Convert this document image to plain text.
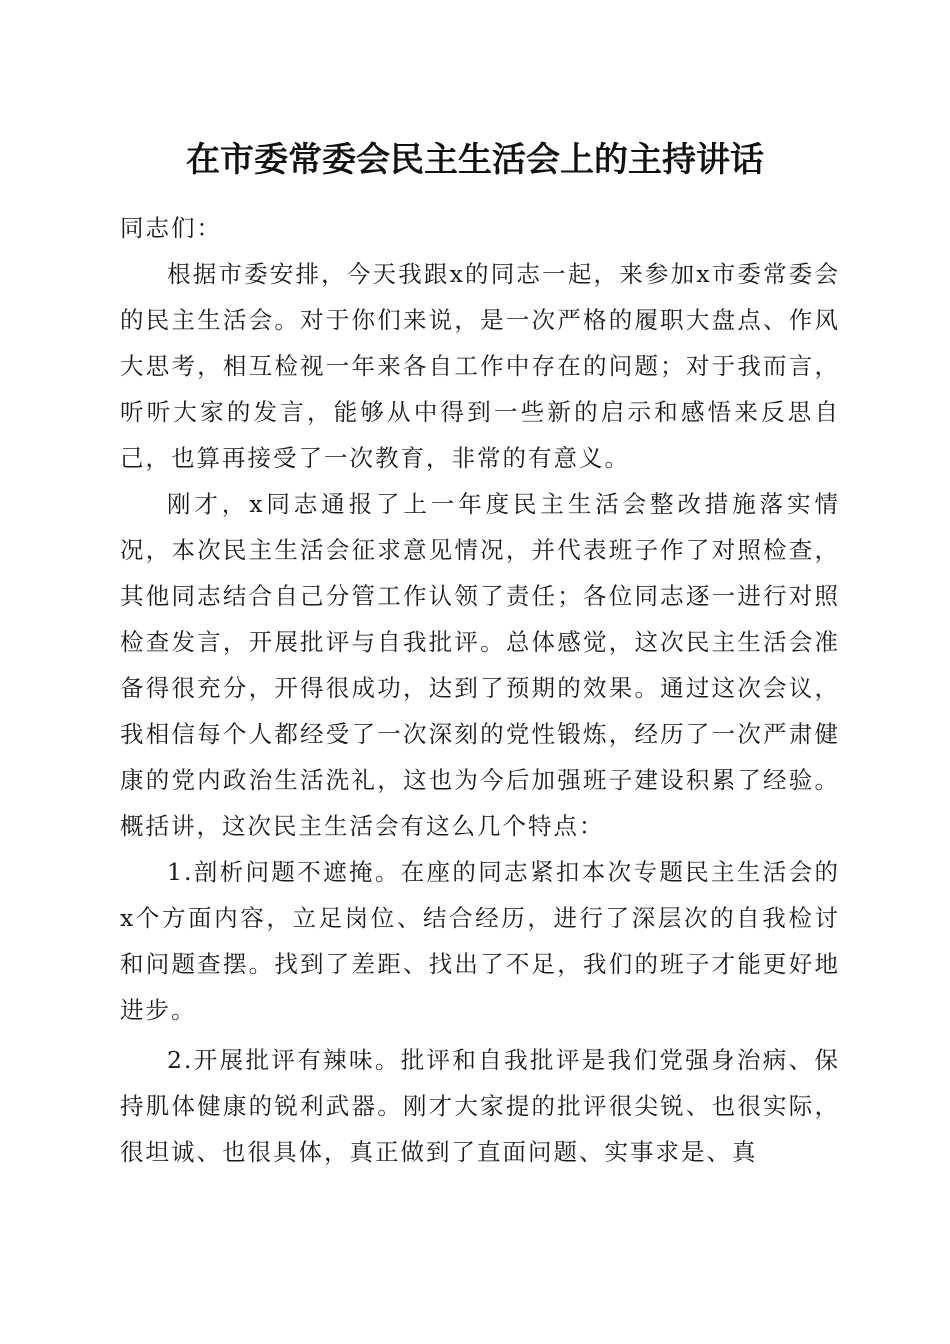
在市委常委会民主生活会上的主持讲话

同志们：

根据市委安排，今天我跟x的同志一起，来参加x市委常委会的民主生活会。对于你们来说，是一次严格的履职大盘点、作风大思考，相互检视一年来各自工作中存在的问题；对于我而言，听听大家的发言，能够从中得到一些新的启示和感悟来反思自己，也算再接受了一次教育，非常的有意义。

刚才，x同志通报了上一年度民主生活会整改措施落实情况，本次民主生活会征求意见情况，并代表班子作了对照检查，其他同志结合自己分管工作认领了责任；各位同志逐一进行对照检查发言，开展批评与自我批评。总体感觉，这次民主生活会准备得很充分，开得很成功，达到了预期的效果。通过这次会议，我相信每个人都经受了一次深刻的党性锻炼，经历了一次严肃健康的党内政治生活洗礼，这也为今后加强班子建设积累了经验。概括讲，这次民主生活会有这么几个特点：

1.剖析问题不遮掩。在座的同志紧扣本次专题民主生活会的x个方面内容，立足岗位、结合经历，进行了深层次的自我检讨和问题查摆。找到了差距、找出了不足，我们的班子才能更好地进步。

2.开展批评有辣味。批评和自我批评是我们党强身治病、保持肌体健康的锐利武器。刚才大家提的批评很尖锐、也很实际，很坦诚、也很具体，真正做到了直面问题、实事求是、真
